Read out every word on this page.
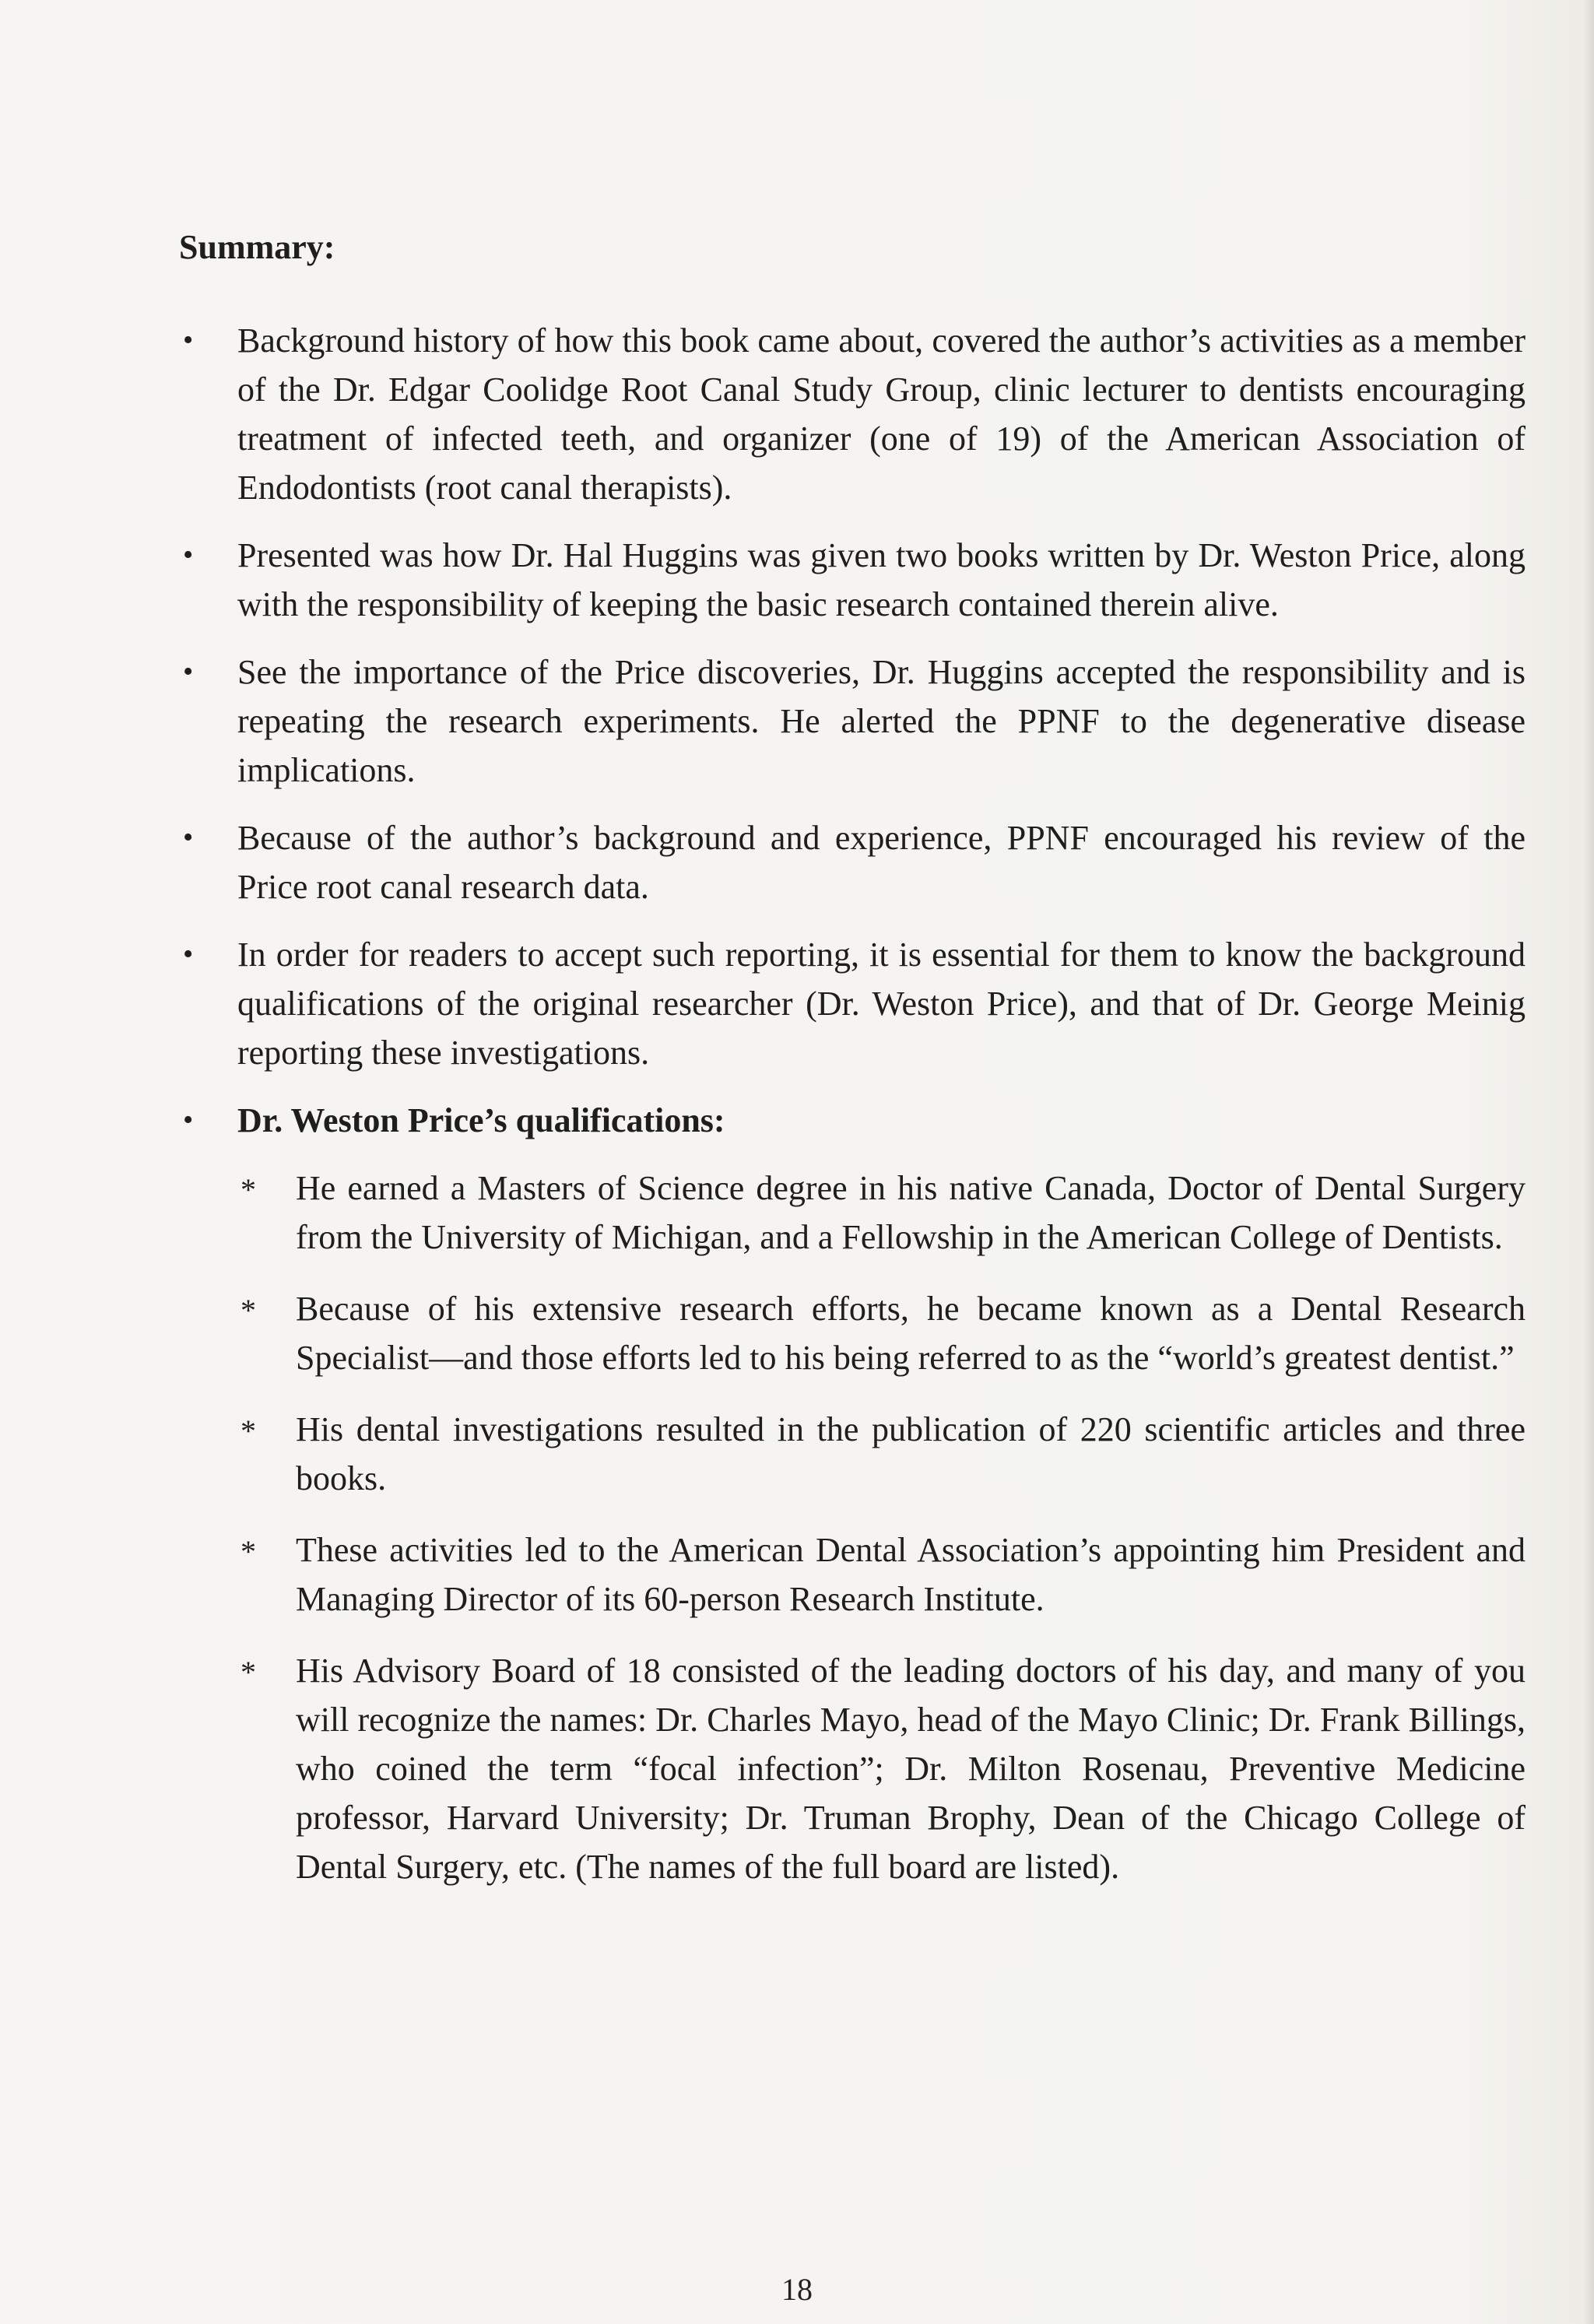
Summary:
• Background history of how this book came about, covered the author’s activities as a member of the Dr. Edgar Coolidge Root Canal Study Group, clinic lecturer to dentists encouraging treatment of infected teeth, and organizer (one of 19) of the American Association of Endodontists (root canal therapists).
• Presented was how Dr. Hal Huggins was given two books written by Dr. Weston Price, along with the responsibility of keeping the basic research contained therein alive.
• See the importance of the Price discoveries, Dr. Huggins accepted the responsibility and is repeating the research experiments. He alerted the PPNF to the degenerative disease implications.
• Because of the author’s background and experience, PPNF encouraged his review of the Price root canal research data.
• In order for readers to accept such reporting, it is essential for them to know the background qualifications of the original researcher (Dr. Weston Price), and that of Dr. George Meinig reporting these investigations.
• Dr. Weston Price’s qualifications:
* He earned a Masters of Science degree in his native Canada, Doctor of Dental Surgery from the University of Michigan, and a Fellowship in the American College of Dentists.
* Because of his extensive research efforts, he became known as a Dental Research Specialist—and those efforts led to his being referred to as the “world’s greatest dentist.”
* His dental investigations resulted in the publication of 220 scientific articles and three books.
* These activities led to the American Dental Association’s appointing him President and Managing Director of its 60-person Research Institute.
* His Advisory Board of 18 consisted of the leading doctors of his day, and many of you will recognize the names: Dr. Charles Mayo, head of the Mayo Clinic; Dr. Frank Billings, who coined the term “focal infection”; Dr. Milton Rosenau, Preventive Medicine professor, Harvard University; Dr. Truman Brophy, Dean of the Chicago College of Dental Surgery, etc. (The names of the full board are listed).
18
